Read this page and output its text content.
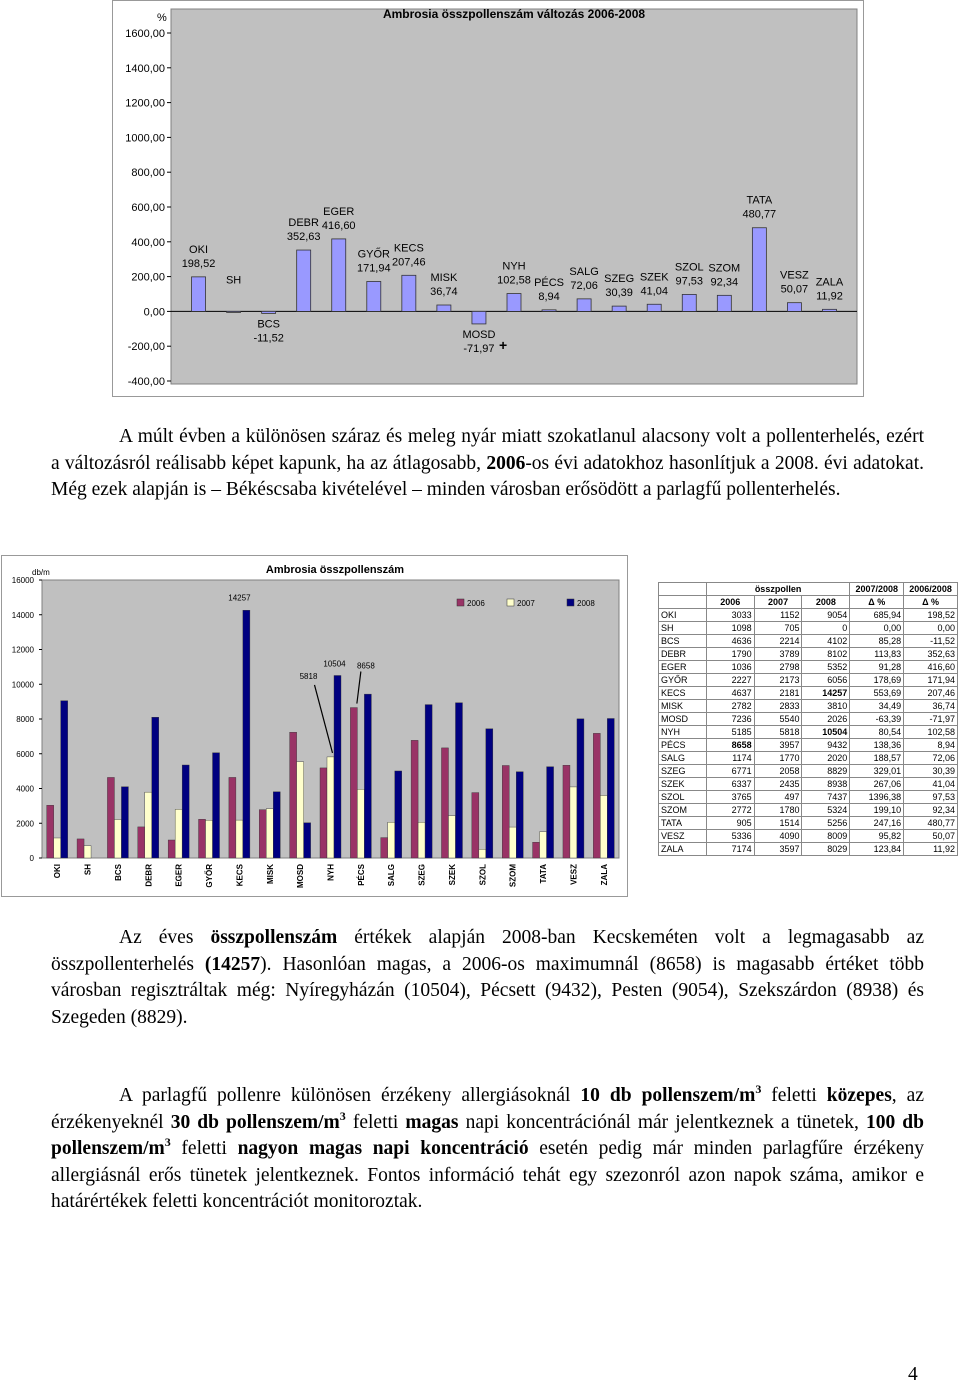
Ambrosia összpollenszám változás 2006-2008
%
1600,00
1400,00
1200,00
1000,00
800,00
600,00
400,00
200,00
0,00
-200,00
-400,00
OKI
198,52
SH
BCS
-11,52
DEBR
352,63
EGER
416,60
GYŐR
171,94
KECS
207,46
MISK
36,74
MOSD
-71,97
NYH
102,58 PÉCS
8,94
SALG
72,06
SZEG
30,39
SZEK
41,04
SZOL
97,53
SZOM
92,34
TATA
480,77
VESZ
50,07
ZALA
11,92
+
A múlt évben a különösen száraz és meleg nyár miatt szokatlanul alacsony volt a pollenterhelés, ezért a változásról reálisabb képet kapunk, ha az átlagosabb, 2006-os évi adatokhoz hasonlítjuk a 2008. évi adatokat. Még ezek alapján is – Békéscsaba kivételével – minden városban erősödött a parlagfű pollenterhelés.
Ambrosia összpollenszám
db/m
16000
14000
12000
10000
8000
6000
4000
2000
0
2006	2007	2008
OKI	SH	BCS	DEBR	EGER	GYŐR	KECS	MISK	MOSD	NYH	PÉCS	SALG	SZEG	SZEK	SZOL	SZOM	TATA	VESZ	ZALA
14257
10504 8658
5818
	összpollen			2007/2008	2006/2008
	2006	2007	2008	Δ %	Δ %
OKI	3033	1152	9054	685,94	198,52
SH	1098	705	0	0,00	0,00
BCS	4636	2214	4102	85,28	-11,52
DEBR	1790	3789	8102	113,83	352,63
EGER	1036	2798	5352	91,28	416,60
GYŐR	2227	2173	6056	178,69	171,94
KECS	4637	2181	14257	553,69	207,46
MISK	2782	2833	3810	34,49	36,74
MOSD	7236	5540	2026	-63,39	-71,97
NYH	5185	5818	10504	80,54	102,58
PÉCS	8658	3957	9432	138,36	8,94
SALG	1174	1770	2020	188,57	72,06
SZEG	6771	2058	8829	329,01	30,39
SZEK	6337	2435	8938	267,06	41,04
SZOL	3765	497	7437	1396,38	97,53
SZOM	2772	1780	5324	199,10	92,34
TATA	905	1514	5256	247,16	480,77
VESZ	5336	4090	8009	95,82	50,07
ZALA	7174	3597	8029	123,84	11,92
Az éves összpollenszám értékek alapján 2008-ban Kecskeméten volt a legmagasabb az összpollenterhelés (14257). Hasonlóan magas, a 2006-os maximumnál (8658) is magasabb értéket több városban regisztráltak még: Nyíregyházán (10504), Pécsett (9432), Pesten (9054), Szekszárdon (8938) és Szegeden (8829).
A parlagfű pollenre különösen érzékeny allergiásoknál 10 db pollenszem/$m^3$ feletti közepes, az érzékenyeknél 30 db pollenszem/$m^3$ feletti magas napi koncentrációnál már jelentkeznek a tünetek, 100 db pollenszem/$m^3$ feletti nagyon magas napi koncentráció esetén pedig már minden parlagfűre érzékeny allergiásnál erős tünetek jelentkeznek. Fontos információ tehát egy szezonról azon napok száma, amikor e határértékek feletti koncentrációt monitoroztak.
4
